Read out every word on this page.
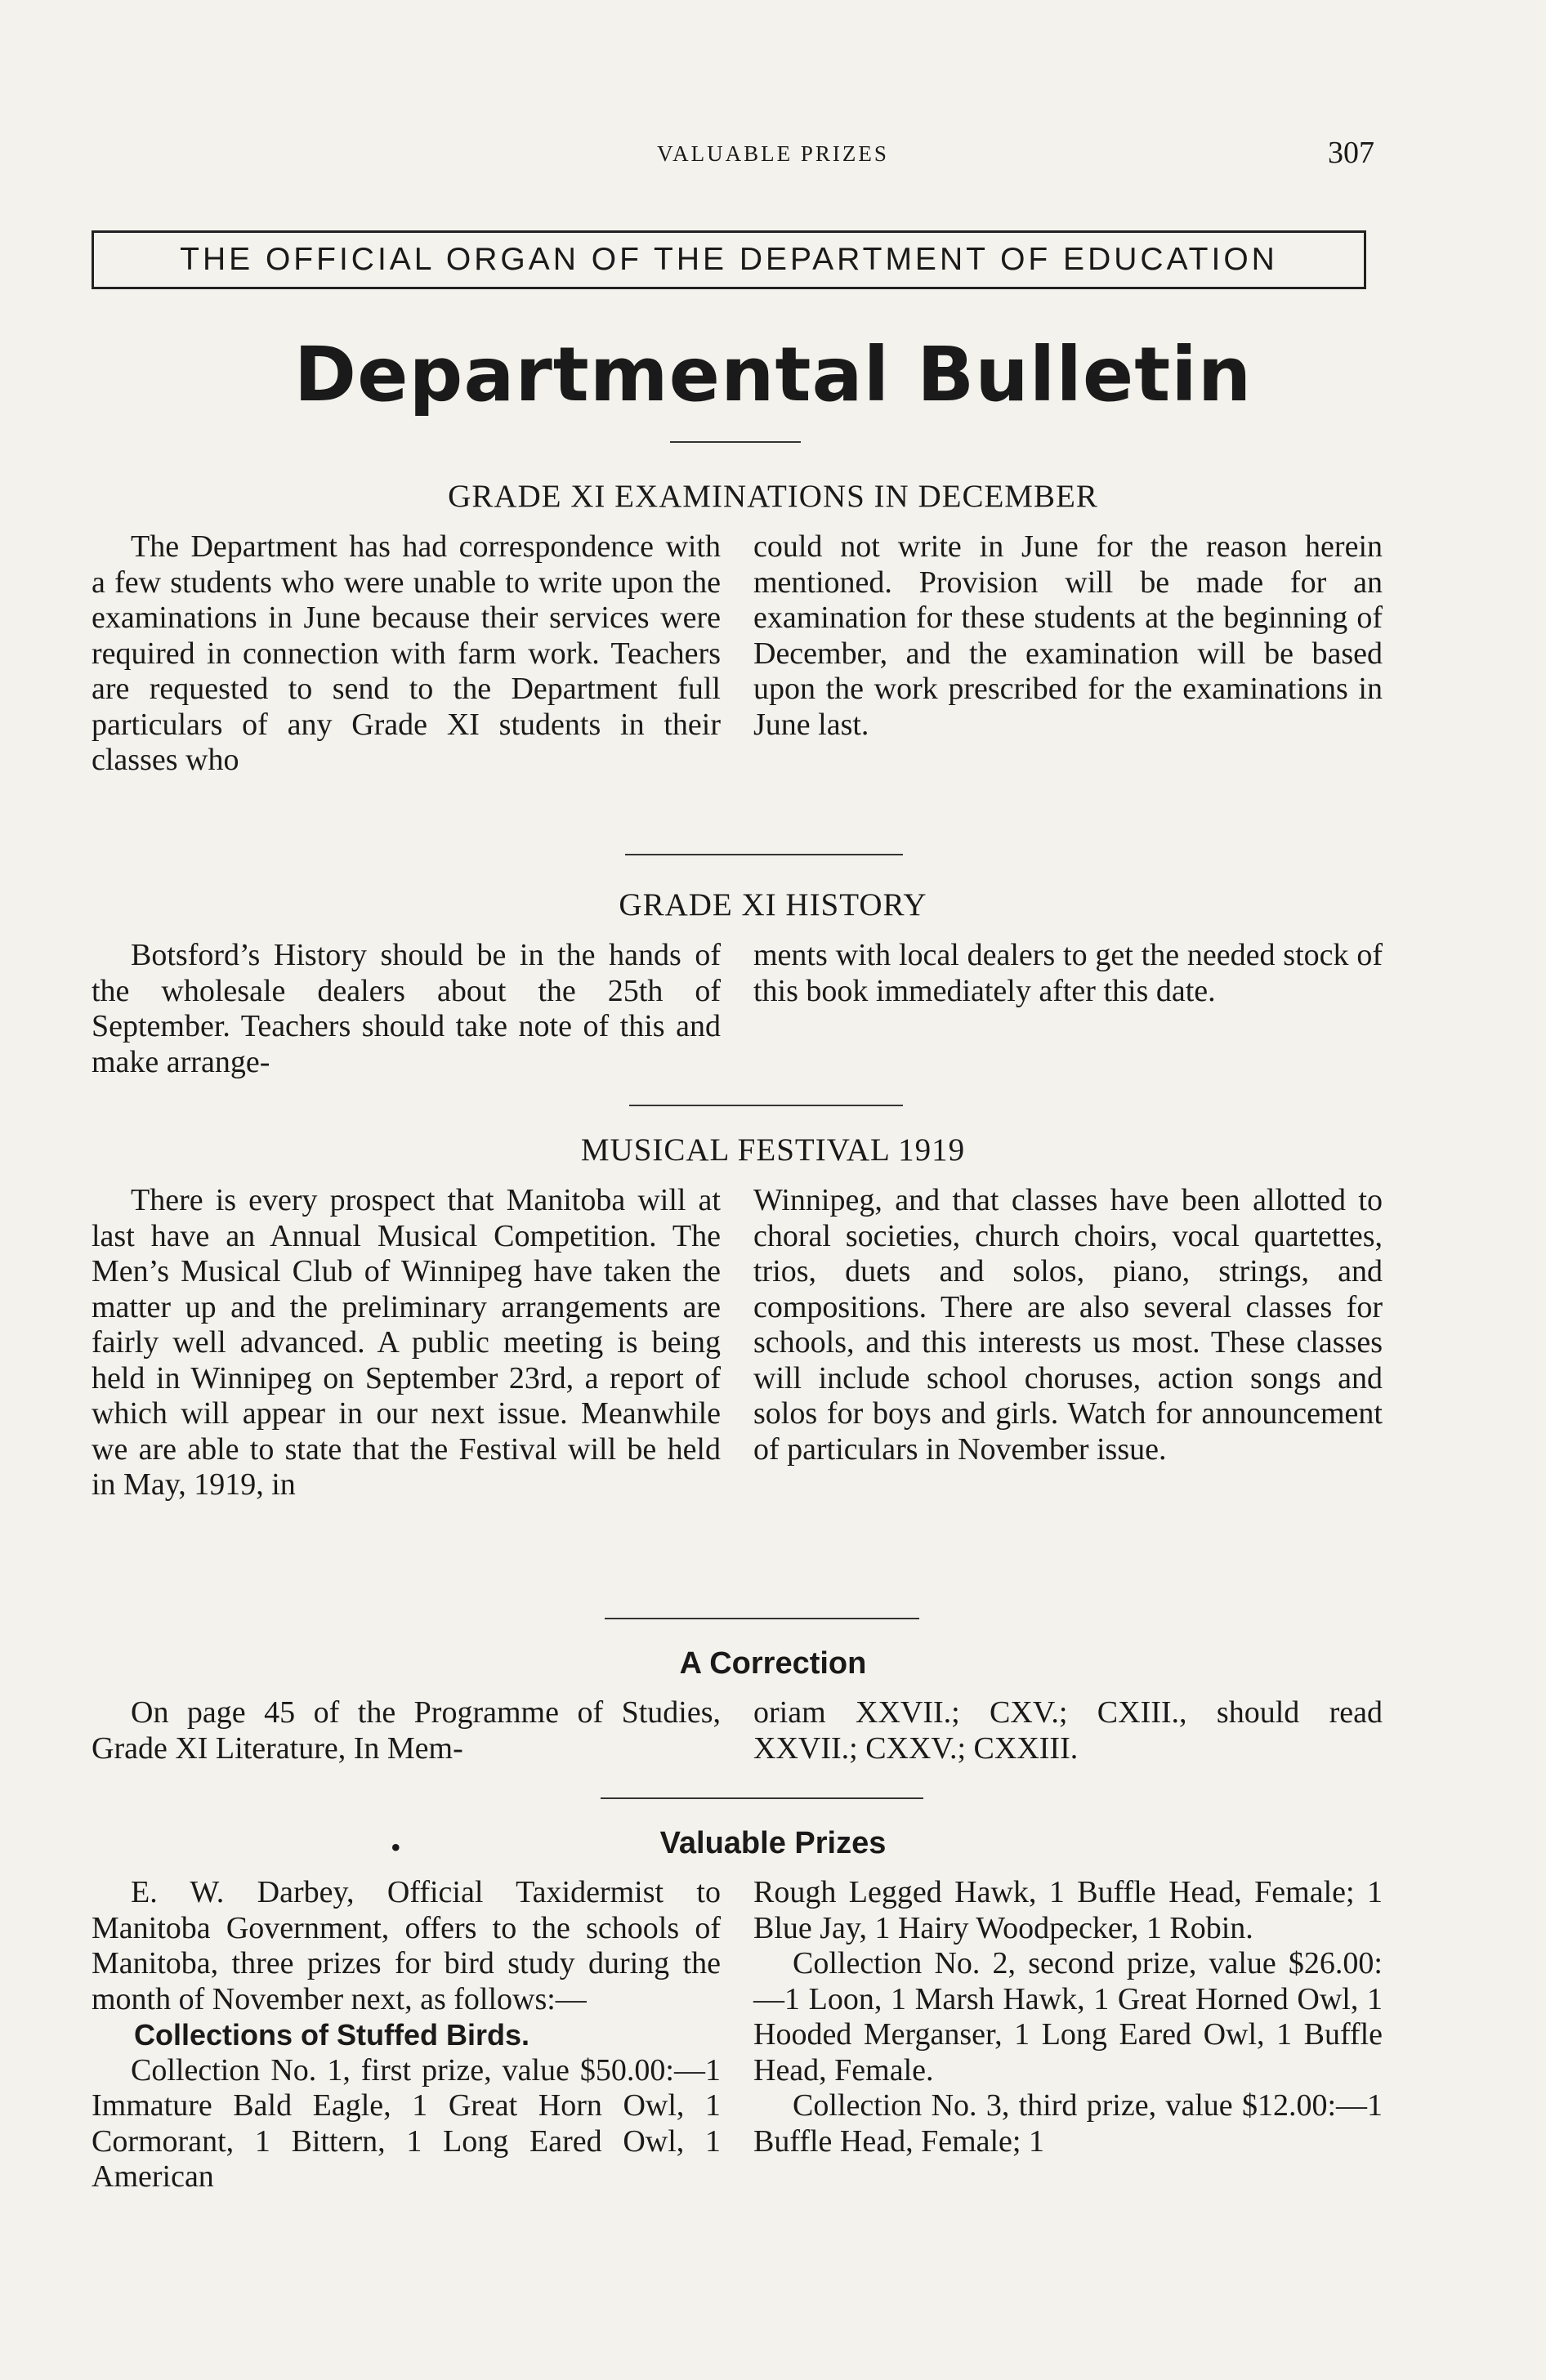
VALUABLE PRIZES	307
THE OFFICIAL ORGAN OF THE DEPARTMENT OF EDUCATION
Departmental Bulletin
GRADE XI EXAMINATIONS IN DECEMBER

The Department has had correspondence with a few students who were unable to write upon the examinations in June because their services were required in connection with farm work. Teachers are requested to send to the Department full particulars of any Grade XI students in their classes who

could not write in June for the reason herein mentioned. Provision will be made for an examination for these students at the beginning of December, and the examination will be based upon the work prescribed for the examinations in June last.

GRADE XI HISTORY

Botsford’s History should be in the hands of the wholesale dealers about the 25th of September. Teachers should take note of this and make arrange-

ments with local dealers to get the needed stock of this book immediately after this date.

MUSICAL FESTIVAL 1919

There is every prospect that Manitoba will at last have an Annual Musical Competition. The Men’s Musical Club of Winnipeg have taken the matter up and the preliminary arrangements are fairly well advanced. A public meeting is being held in Winnipeg on September 23rd, a report of which will appear in our next issue. Meanwhile we are able to state that the Festival will be held in May, 1919, in

Winnipeg, and that classes have been allotted to choral societies, church choirs, vocal quartettes, trios, duets and solos, piano, strings, and compositions. There are also several classes for schools, and this interests us most. These classes will include school choruses, action songs and solos for boys and girls. Watch for announcement of particulars in November issue.

A Correction

On page 45 of the Programme of Studies, Grade XI Literature, In Mem-

oriam XXVII.; CXV.; CXIII., should read XXVII.; CXXV.; CXXIII.

•	Valuable Prizes

E. W. Darbey, Official Taxidermist to Manitoba Government, offers to the schools of Manitoba, three prizes for bird study during the month of November next, as follows:—

Collections of Stuffed Birds.

Collection No. 1, first prize, value $50.00:—1 Immature Bald Eagle, 1 Great Horn Owl, 1 Cormorant, 1 Bittern, 1 Long Eared Owl, 1 American

Rough Legged Hawk, 1 Buffle Head, Female; 1 Blue Jay, 1 Hairy Woodpecker, 1 Robin.

Collection No. 2, second prize, value $26.00:—1 Loon, 1 Marsh Hawk, 1 Great Horned Owl, 1 Hooded Merganser, 1 Long Eared Owl, 1 Buffle Head, Female.

Collection No. 3, third prize, value $12.00:—1 Buffle Head, Female; 1
